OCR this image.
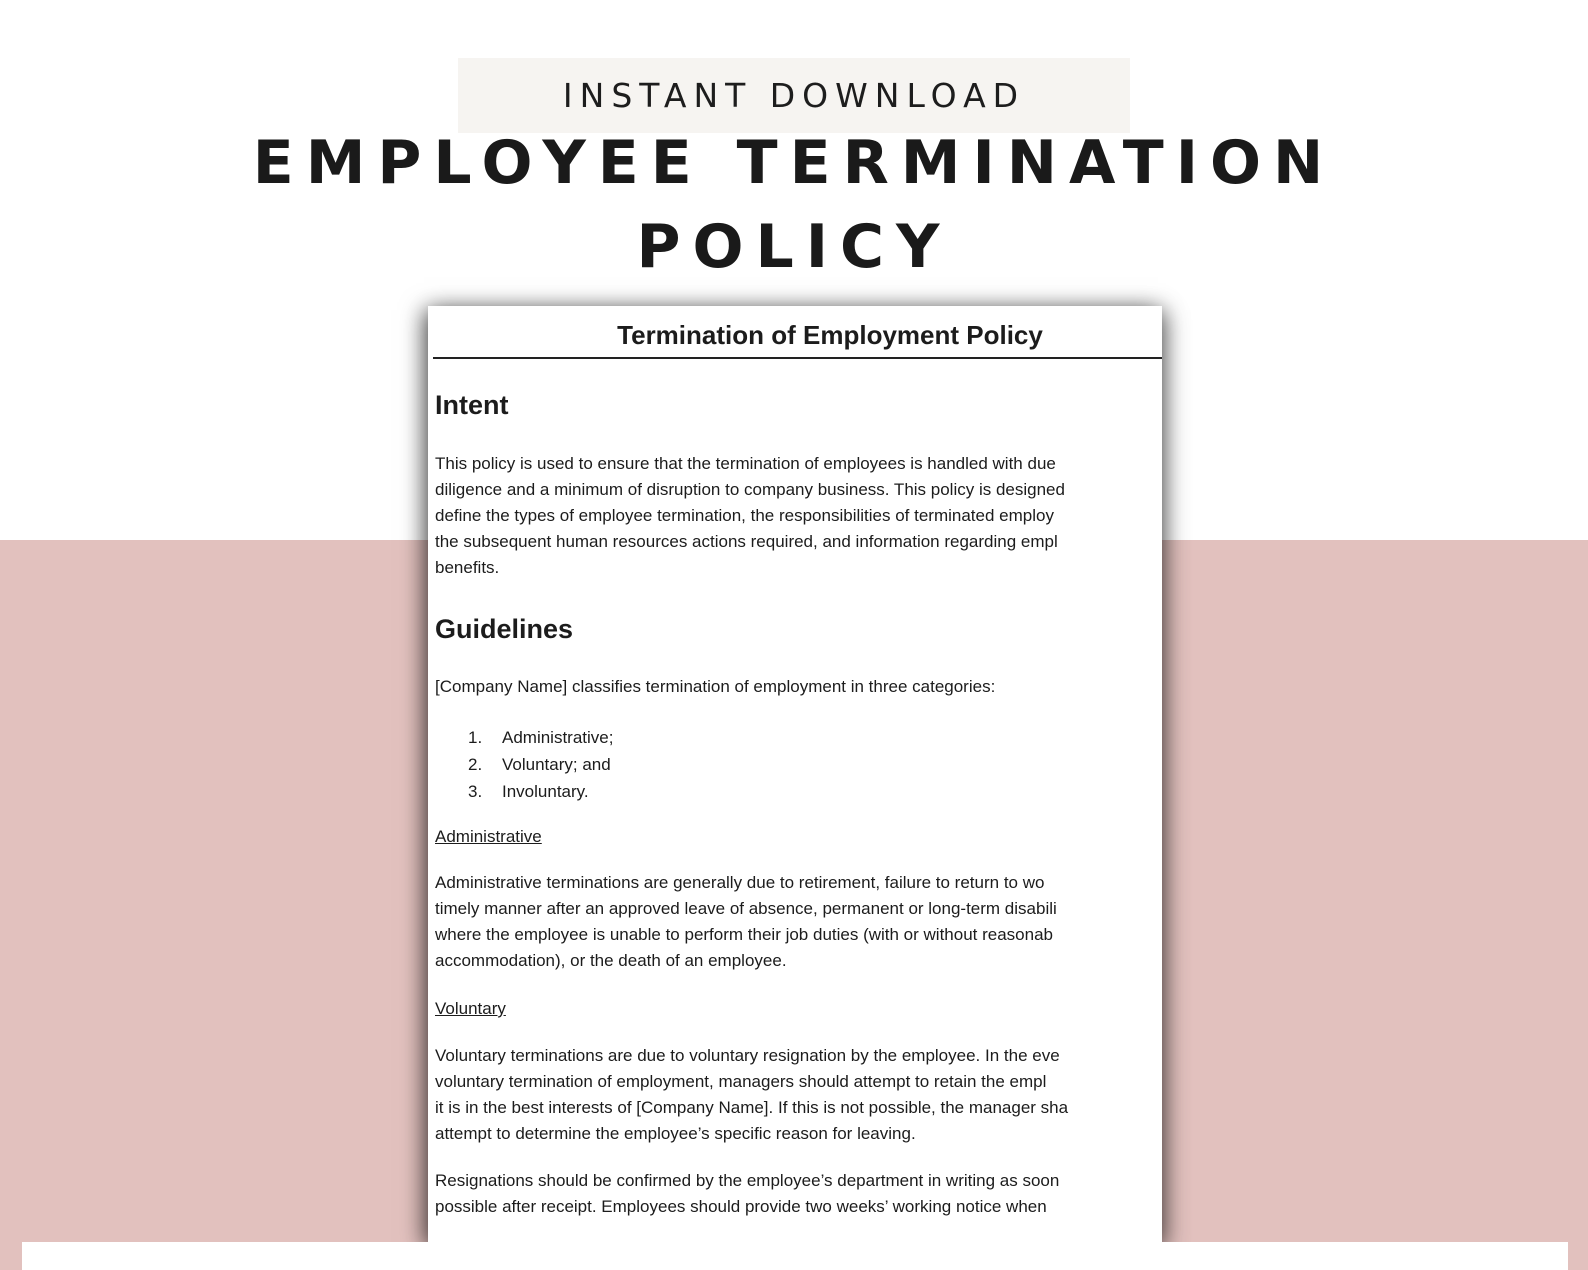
INSTANT DOWNLOAD
EMPLOYEE TERMINATION
POLICY
Termination of Employment Policy
Intent
This policy is used to ensure that the termination of employees is handled with due
diligence and a minimum of disruption to company business. This policy is designed
define the types of employee termination, the responsibilities of terminated employ
the subsequent human resources actions required, and information regarding empl
benefits.
Guidelines
[Company Name] classifies termination of employment in three categories:
1.	Administrative;
2.	Voluntary; and
3.	Involuntary.
Administrative
Administrative terminations are generally due to retirement, failure to return to wo
timely manner after an approved leave of absence, permanent or long-term disabili
where the employee is unable to perform their job duties (with or without reasonab
accommodation), or the death of an employee.
Voluntary
Voluntary terminations are due to voluntary resignation by the employee. In the eve
voluntary termination of employment, managers should attempt to retain the empl
it is in the best interests of [Company Name]. If this is not possible, the manager sha
attempt to determine the employee’s specific reason for leaving.
Resignations should be confirmed by the employee’s department in writing as soon
possible after receipt. Employees should provide two weeks’ working notice when
